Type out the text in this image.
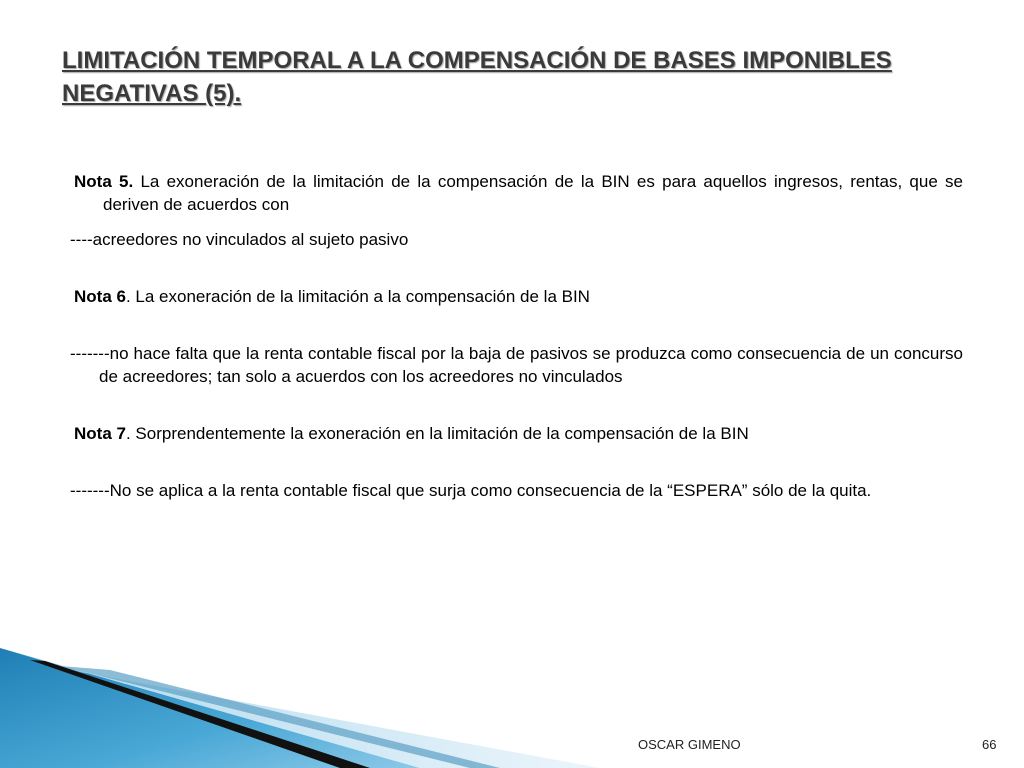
LIMITACIÓN TEMPORAL A LA COMPENSACIÓN DE BASES IMPONIBLES NEGATIVAS (5).

Nota 5. La exoneración de la limitación de la compensación de la BIN es para aquellos ingresos, rentas, que se deriven de acuerdos con

----acreedores no vinculados al sujeto pasivo

Nota 6. La exoneración de la limitación a la compensación de la BIN

-------no hace falta que la renta contable fiscal por la baja de pasivos se produzca como consecuencia de un concurso de acreedores; tan solo a acuerdos con los acreedores no vinculados

Nota 7. Sorprendentemente la exoneración en la limitación de la compensación de la BIN

-------No se aplica a la renta contable fiscal que surja como consecuencia de la “ESPERA” sólo de la quita.

OSCAR GIMENO	66
